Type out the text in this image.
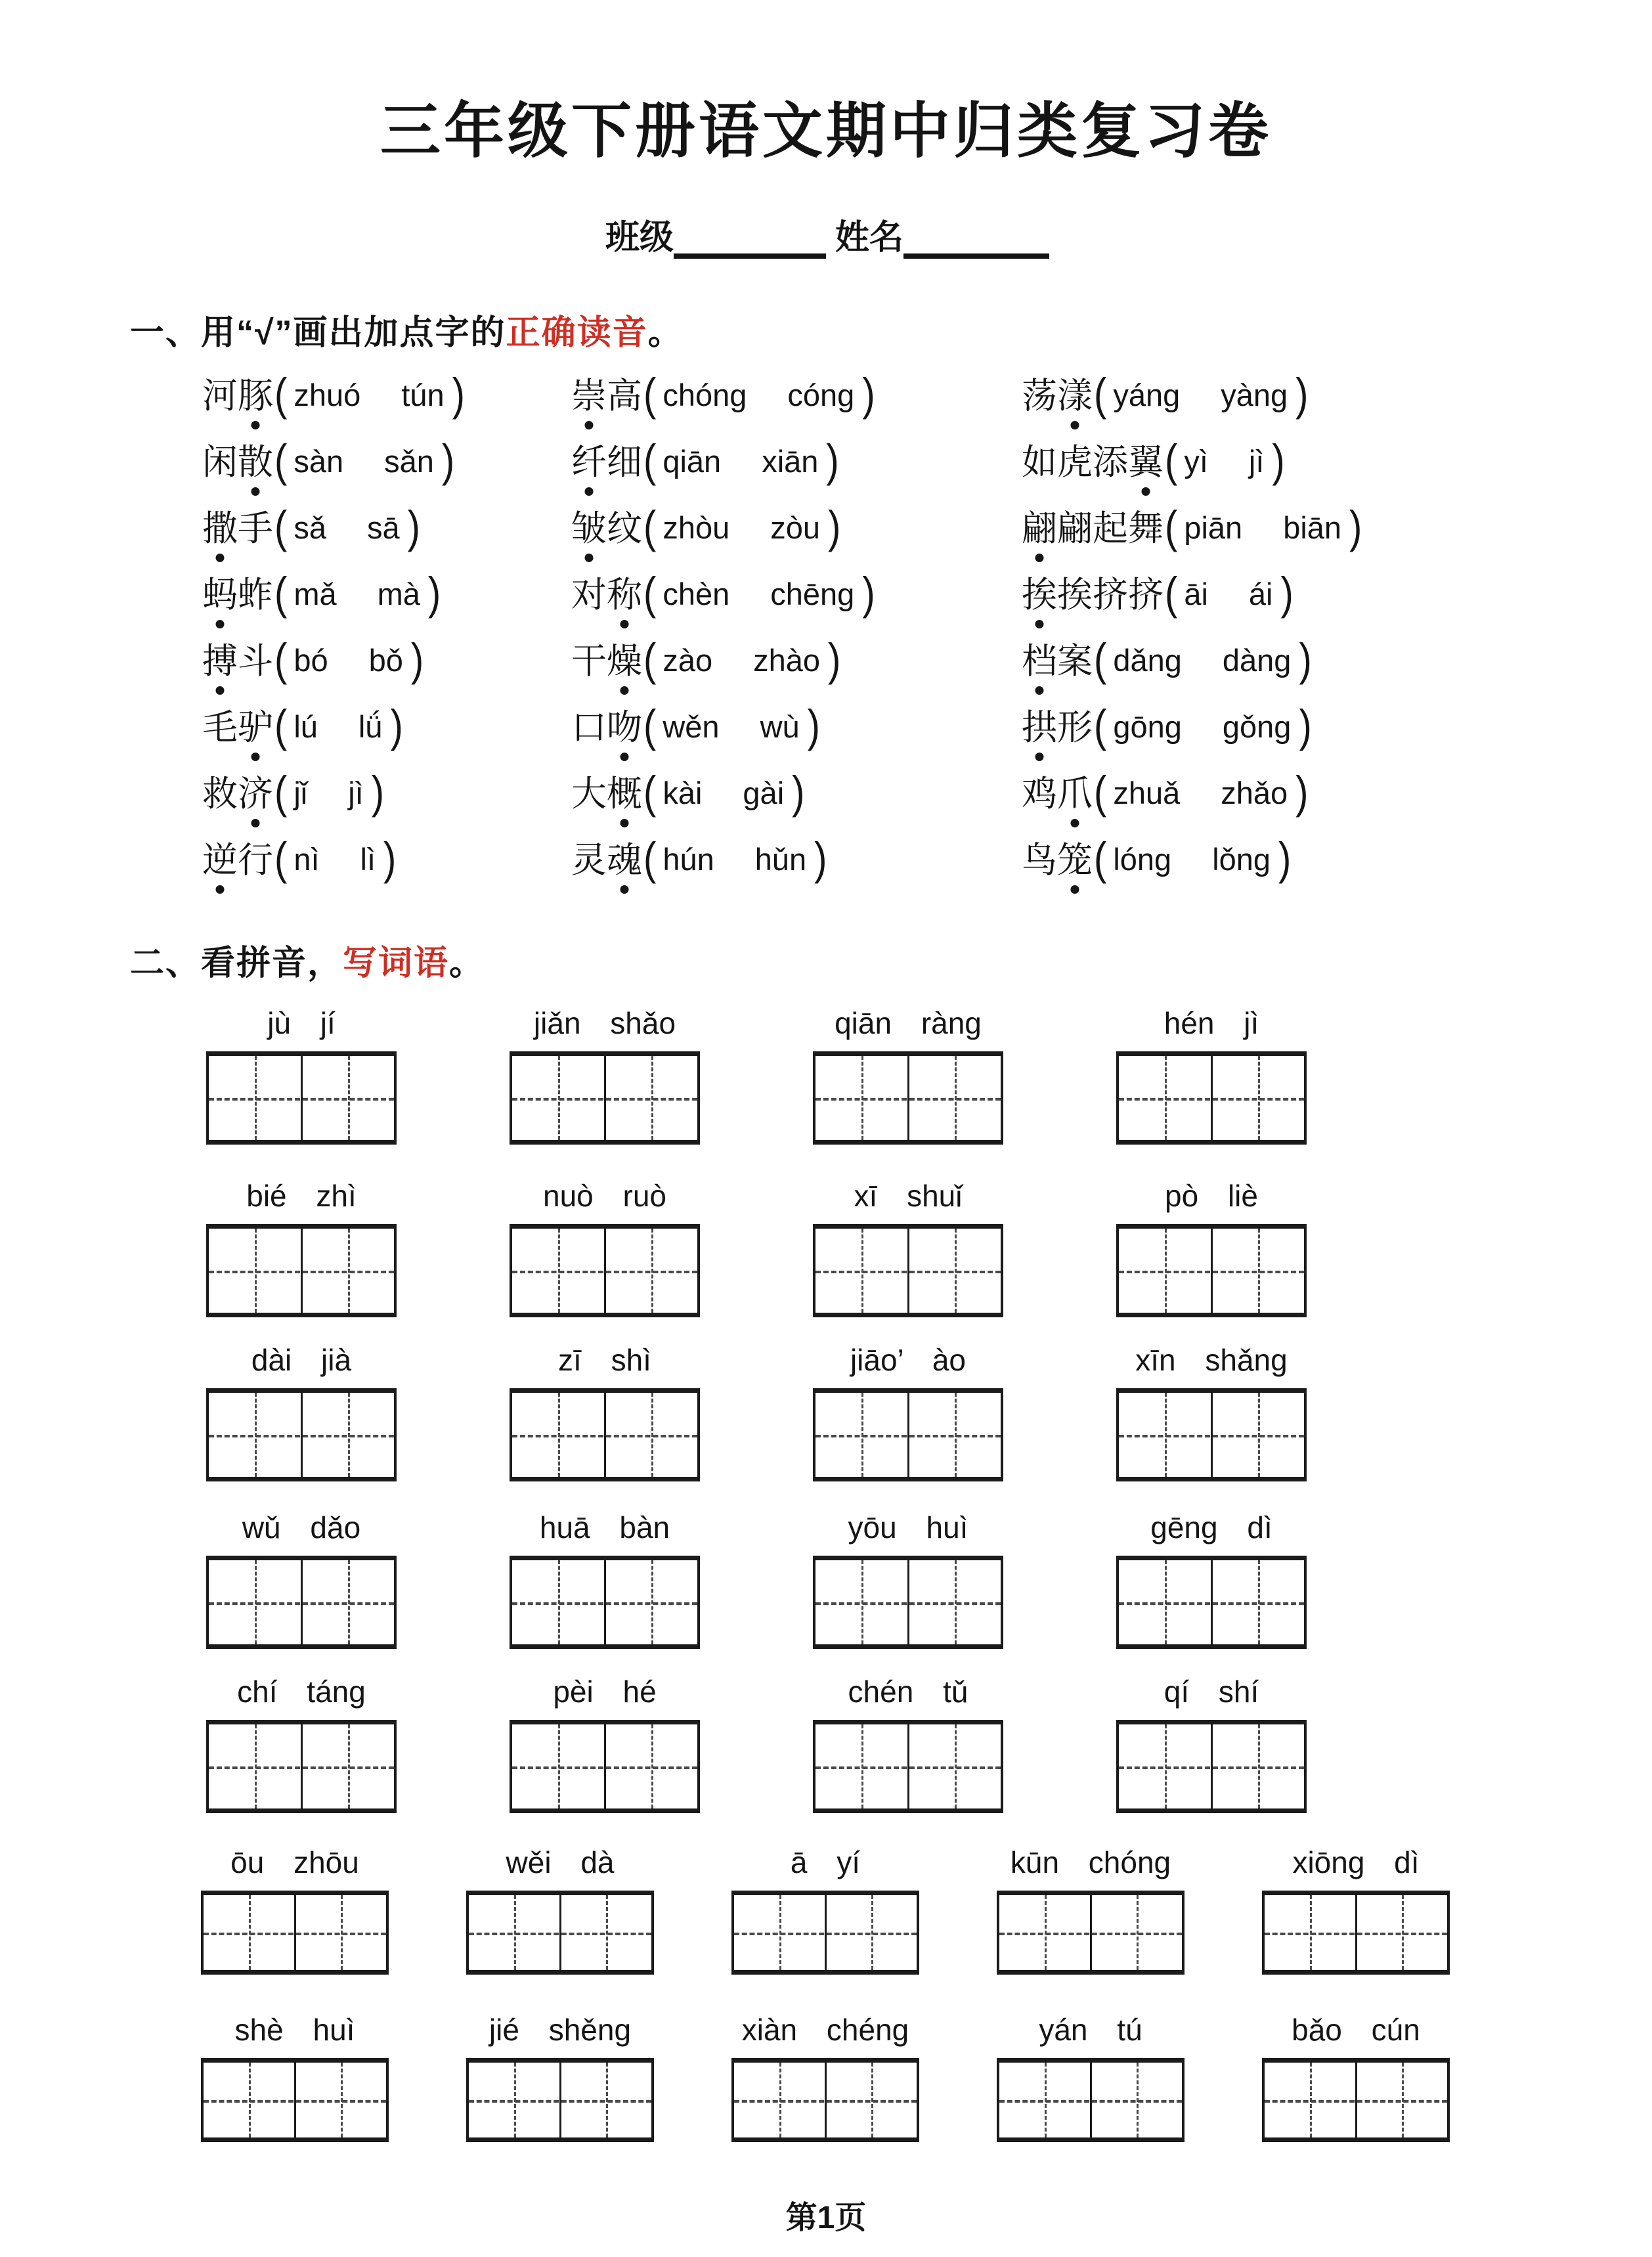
三年级下册语文期中归类复习卷
班级	姓名
一、用“√”画出加点字的正确读音。
河豚 ( zhuó tún )
闲散 ( sàn sǎn )
撒手 ( sǎ sā )
蚂蚱 ( mǎ mà )
搏斗 ( bó bǒ )
毛驴 ( lú lǘ )
救济 ( jǐ jì )
逆行 ( nì lì )
崇高 ( chóng cóng )
纤细 ( qiān xiān )
皱纹 ( zhòu zòu )
对称 ( chèn chēng )
干燥 ( zào zhào )
口吻 ( wěn wù )
大概 ( kài gài )
灵魂 ( hún hǔn )
荡漾 ( yáng yàng )
如虎添翼 ( yì jì )
翩翩起舞 ( piān biān )
挨挨挤挤 ( āi ái )
档案 ( dǎng dàng )
拱形 ( gōng gǒng )
鸡爪 ( zhuǎ zhǎo )
鸟笼 ( lóng lǒng )
二、看拼音，写词语。
jù jí	jiǎn shǎo	qiān ràng	hén jì
bié zhì	nuò ruò	xī shuǐ	pò liè
dài jià	zī shì	jiāo’ ào	xīn shǎng
wǔ dǎo	huā bàn	yōu huì	gēng dì
chí táng	pèi hé	chén tǔ	qí shí
ōu zhōu	wěi dà	ā yí	kūn chóng	xiōng dì
shè huì	jié shěng	xiàn chéng	yán tú	bǎo cún
第1页
